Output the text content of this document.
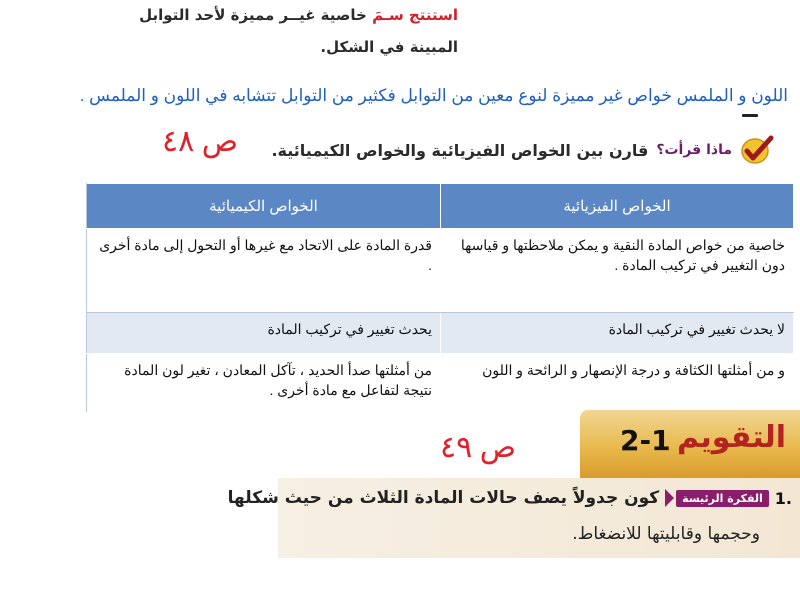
استنتج سـمَ خاصية غيــر مميزة لأحد التوابل
المبينة في الشكل.
اللون و الملمس خواص غير مميزة لنوع معين من التوابل فكثير من التوابل تتشابه في اللون و الملمس .
ص ٤٨	ماذا قرأت؟
قارن بين الخواص الفيزيائية والخواص الكيميائية.
الخواص الفيزيائية	الخواص الكيميائية
خاصية من خواص المادة النقية و يمكن ملاحظتها و قياسها دون التغيير في تركيب المادة .	قدرة المادة على الاتحاد مع غيرها أو التحول إلى مادة أخرى .
لا يحدث تغيير في تركيب المادة	يحدث تغيير في تركيب المادة
و من أمثلتها الكثافة و درجة الإنصهار و الرائحة و اللون	من أمثلتها صدأ الحديد ، تآكل المعادن ، تغير لون المادة نتيجة لتفاعل مع مادة أخرى .
ص ٤٩	2-1 التقويم
.1
الفكرة الرئيسة
كون جدولاً يصف حالات المادة الثلاث من حيث شكلها
وحجمها وقابليتها للانضغاط.
